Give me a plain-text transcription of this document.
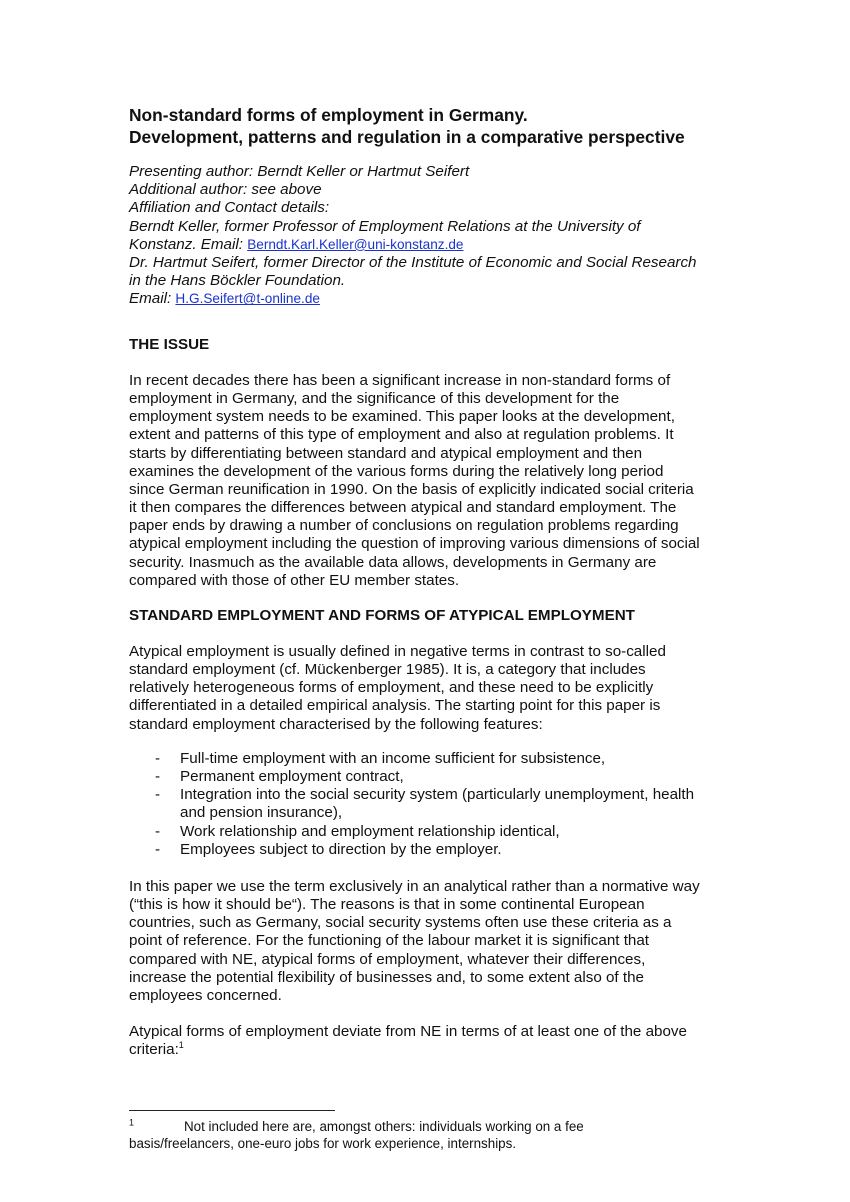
Non-standard forms of employment in Germany.
Development, patterns and regulation in a comparative perspective
Presenting author: Berndt Keller or Hartmut Seifert
Additional author: see above
Affiliation and Contact details:
Berndt Keller, former Professor of Employment Relations at the University of
Konstanz. Email: Berndt.Karl.Keller@uni-konstanz.de
Dr. Hartmut Seifert, former Director of the Institute of Economic and Social Research
in the Hans Böckler Foundation.
Email: H.G.Seifert@t-online.de
THE ISSUE
In recent decades there has been a significant increase in non-standard forms of
employment in Germany, and the significance of this development for the
employment system needs to be examined. This paper looks at the development,
extent and patterns of this type of employment and also at regulation problems. It
starts by differentiating between standard and atypical employment and then
examines the development of the various forms during the relatively long period
since German reunification in 1990. On the basis of explicitly indicated social criteria
it then compares the differences between atypical and standard employment. The
paper ends by drawing a number of conclusions on regulation problems regarding
atypical employment including the question of improving various dimensions of social
security. Inasmuch as the available data allows, developments in Germany are
compared with those of other EU member states.
STANDARD EMPLOYMENT AND FORMS OF ATYPICAL EMPLOYMENT
Atypical employment is usually defined in negative terms in contrast to so-called
standard employment (cf. Mückenberger 1985). It is, a category that includes
relatively heterogeneous forms of employment, and these need to be explicitly
differentiated in a detailed empirical analysis. The starting point for this paper is
standard employment characterised by the following features:
- Full-time employment with an income sufficient for subsistence,
- Permanent employment contract,
- Integration into the social security system (particularly unemployment, health
and pension insurance),
- Work relationship and employment relationship identical,
- Employees subject to direction by the employer.
In this paper we use the term exclusively in an analytical rather than a normative way
(“this is how it should be“). The reasons is that in some continental European
countries, such as Germany, social security systems often use these criteria as a
point of reference. For the functioning of the labour market it is significant that
compared with NE, atypical forms of employment, whatever their differences,
increase the potential flexibility of businesses and, to some extent also of the
employees concerned.
Atypical forms of employment deviate from NE in terms of at least one of the above
criteria:$^1$
$^1$	Not included here are, amongst others: individuals working on a fee
basis/freelancers, one-euro jobs for work experience, internships.
